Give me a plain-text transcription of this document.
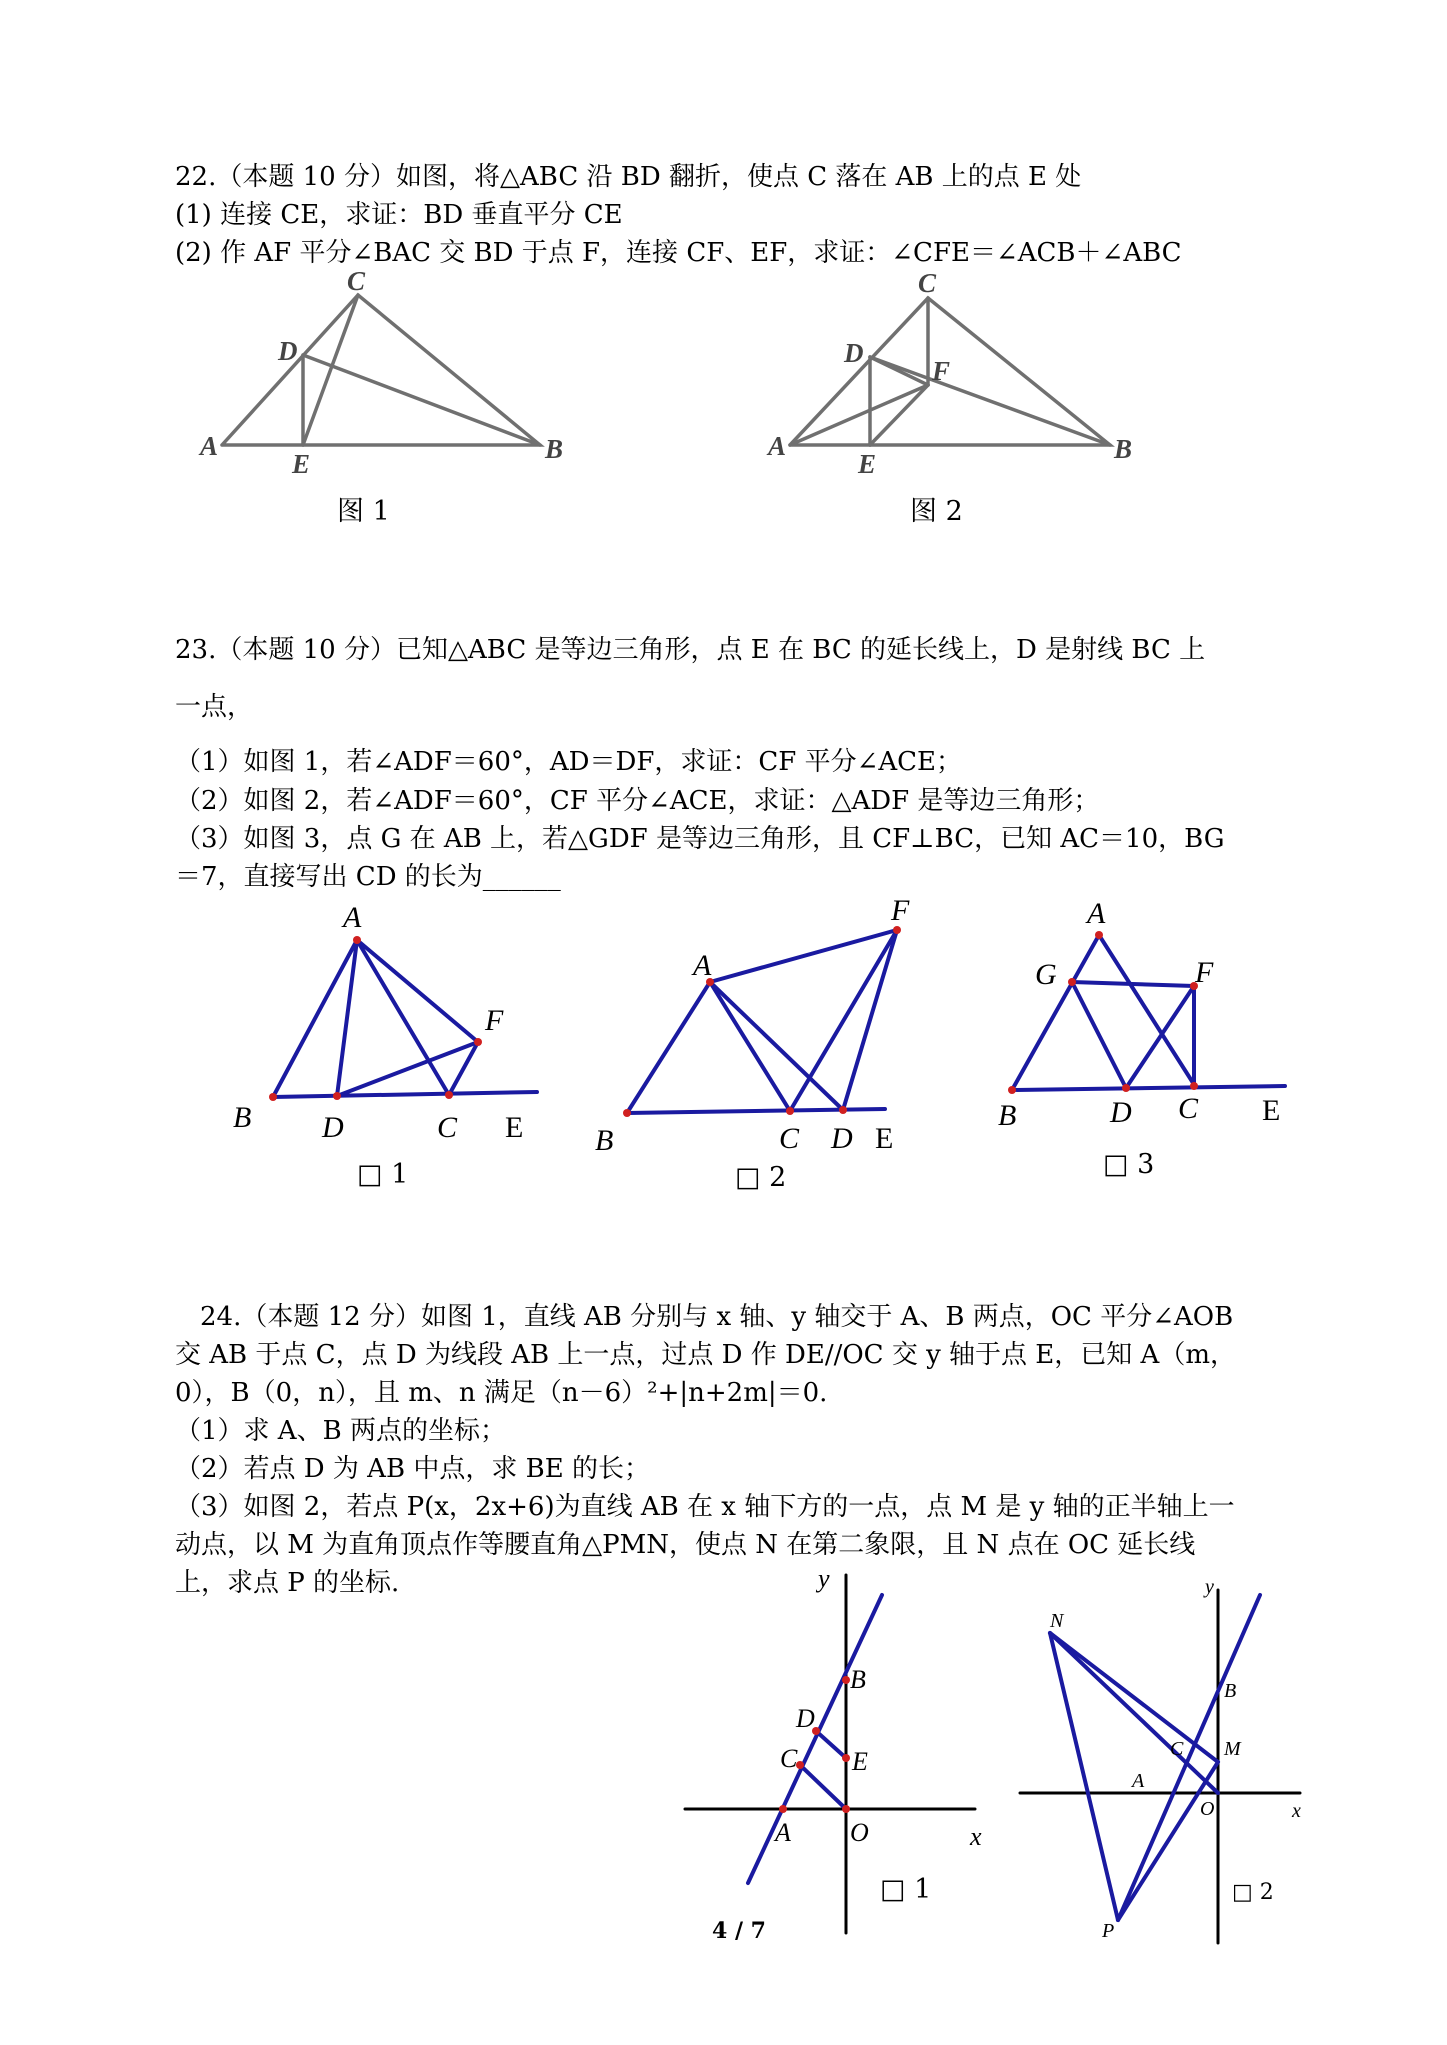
22.（本题 10 分）如图，将△ABC 沿 BD 翻折，使点 C 落在 AB 上的点 E 处
(1) 连接 CE，求证：BD 垂直平分 CE
(2) 作 AF 平分∠BAC 交 BD 于点 F，连接 CF、EF，求证：∠CFE＝∠ACB＋∠ABC
A
C
D
E	B
图 1
A
C
D
F
E	B
图 2
23.（本题 10 分）已知△ABC 是等边三角形，点 E 在 BC 的延长线上，D 是射线 BC 上
一点，
（1）如图 1，若∠ADF＝60°，AD＝DF，求证：CF 平分∠ACE；
（2）如图 2，若∠ADF＝60°，CF 平分∠ACE，求证：△ADF 是等边三角形；
（3）如图 3，点 G 在 AB 上，若△GDF 是等边三角形，且 CF⊥BC，已知 AC＝10，BG
＝7，直接写出 CD 的长为______
A
B D	C E
F
□ 1
A
F
B	C D E
□ 2
A
G	F
B	D C E
□ 3
24.（本题 12 分）如图 1，直线 AB 分别与 x 轴、y 轴交于 A、B 两点，OC 平分∠AOB
交 AB 于点 C，点 D 为线段 AB 上一点，过点 D 作 DE//OC 交 y 轴于点 E，已知 A（m，
0），B（0，n），且 m、n 满足（n－6）²+|n+2m|＝0.
（1）求 A、B 两点的坐标；
（2）若点 D 为 AB 中点，求 BE 的长；
（3）如图 2，若点 P(x，2x+6)为直线 AB 在 x 轴下方的一点，点 M 是 y 轴的正半轴上一
动点，以 M 为直角顶点作等腰直角△PMN，使点 N 在第二象限，且 N 点在 OC 延长线
上，求点 P 的坐标.	y
B
D
C E
A O	x
□ 1
y
N
B
C M
A
O	x
P
□ 2
4 / 7
